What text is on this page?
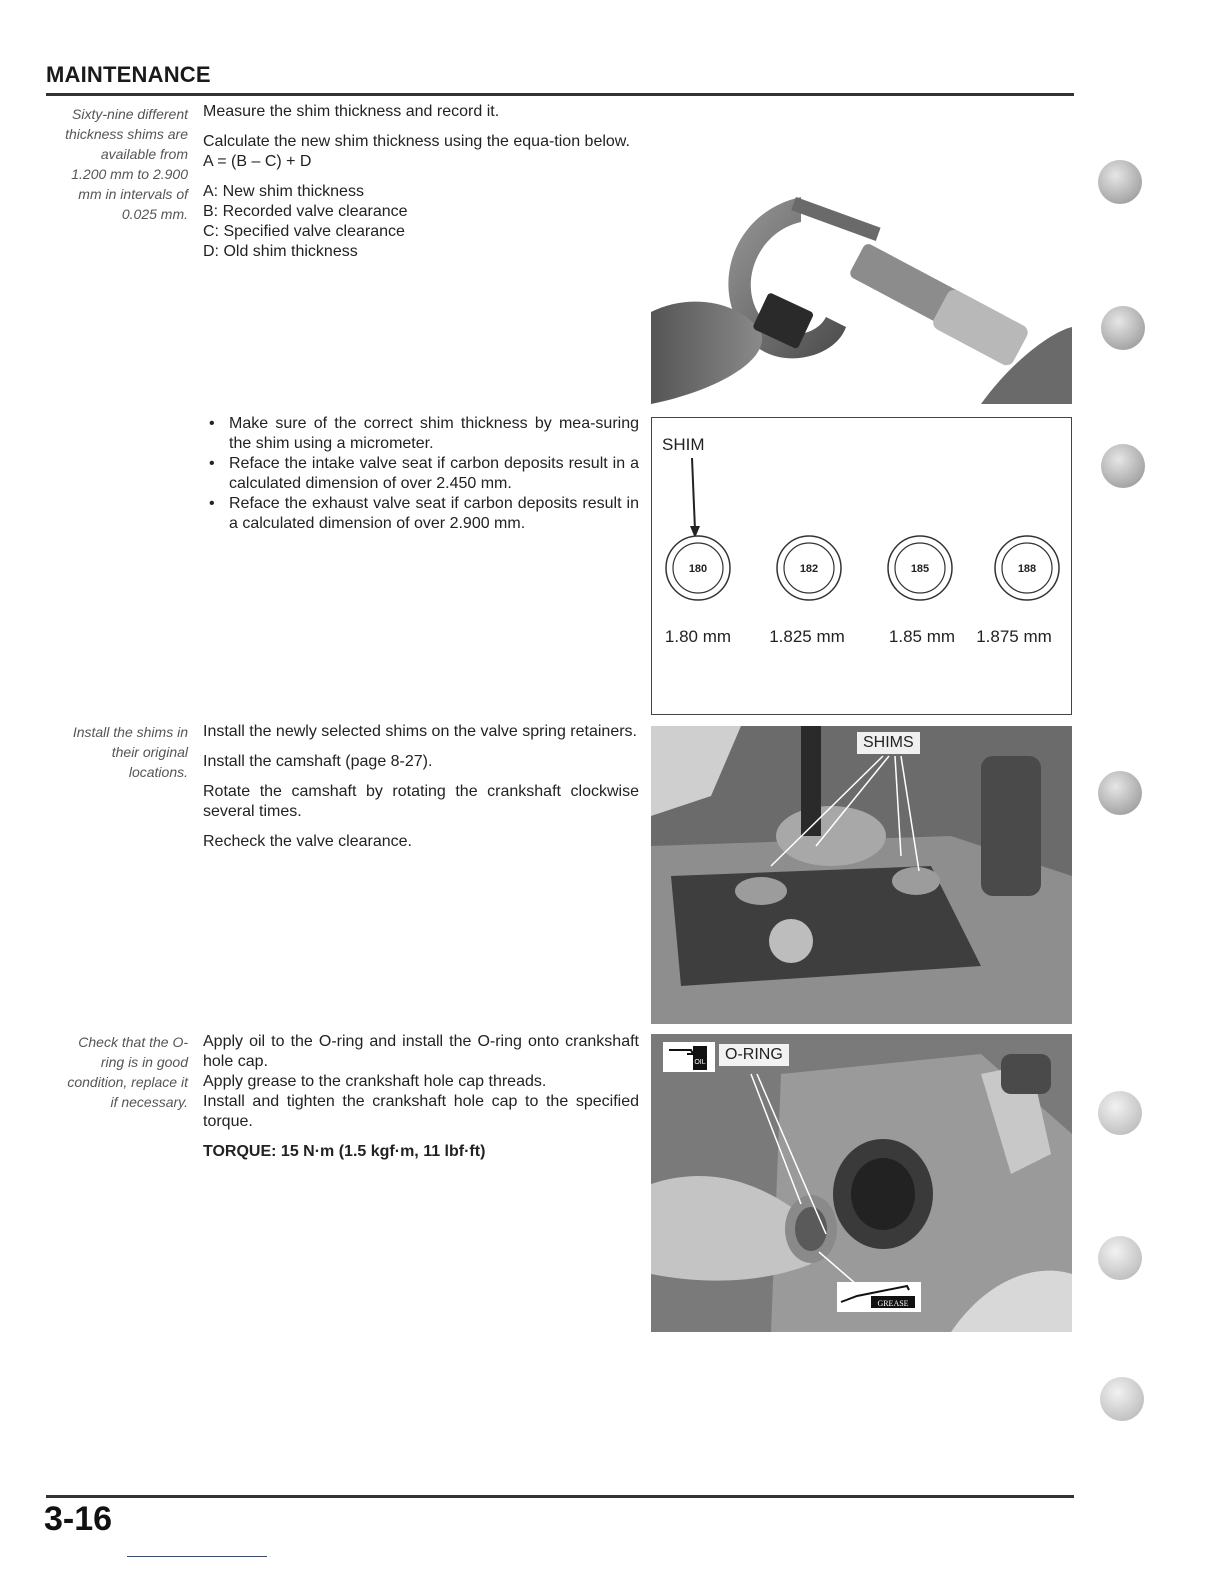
MAINTENANCE
Sixty-nine different
thickness shims are
available from
1.200 mm to 2.900
mm in intervals of
0.025 mm.

Measure the shim thickness and record it.

Calculate the new shim thickness using the equa-tion below.

A = (B – C) + D
A: New shim thickness
B: Recorded valve clearance
C: Specified valve clearance
D: Old shim thickness
• Make sure of the correct shim thickness by mea-suring the shim using a micrometer.
• Reface the intake valve seat if carbon deposits result in a calculated dimension of over 2.450 mm.
• Reface the exhaust valve seat if carbon deposits result in a calculated dimension of over 2.900 mm.
SHIM
180
1.80 mm
182
1.825 mm
185
1.85 mm
188
1.875 mm
Install the shims in
their original
locations.

Install the newly selected shims on the valve spring retainers.

Install the camshaft (page 8-27).

Rotate the camshaft by rotating the crankshaft clockwise several times.

Recheck the valve clearance.

SHIMS
Check that the O-
ring is in good
condition, replace it
if necessary.
Apply oil to the O-ring and install the O-ring onto crankshaft hole cap.
Apply grease to the crankshaft hole cap threads.
Install and tighten the crankshaft hole cap to the specified torque.
TORQUE: 15 N·m (1.5 kgf·m, 11 lbf·ft)
OIL	O-RING
GREASE
3-16
